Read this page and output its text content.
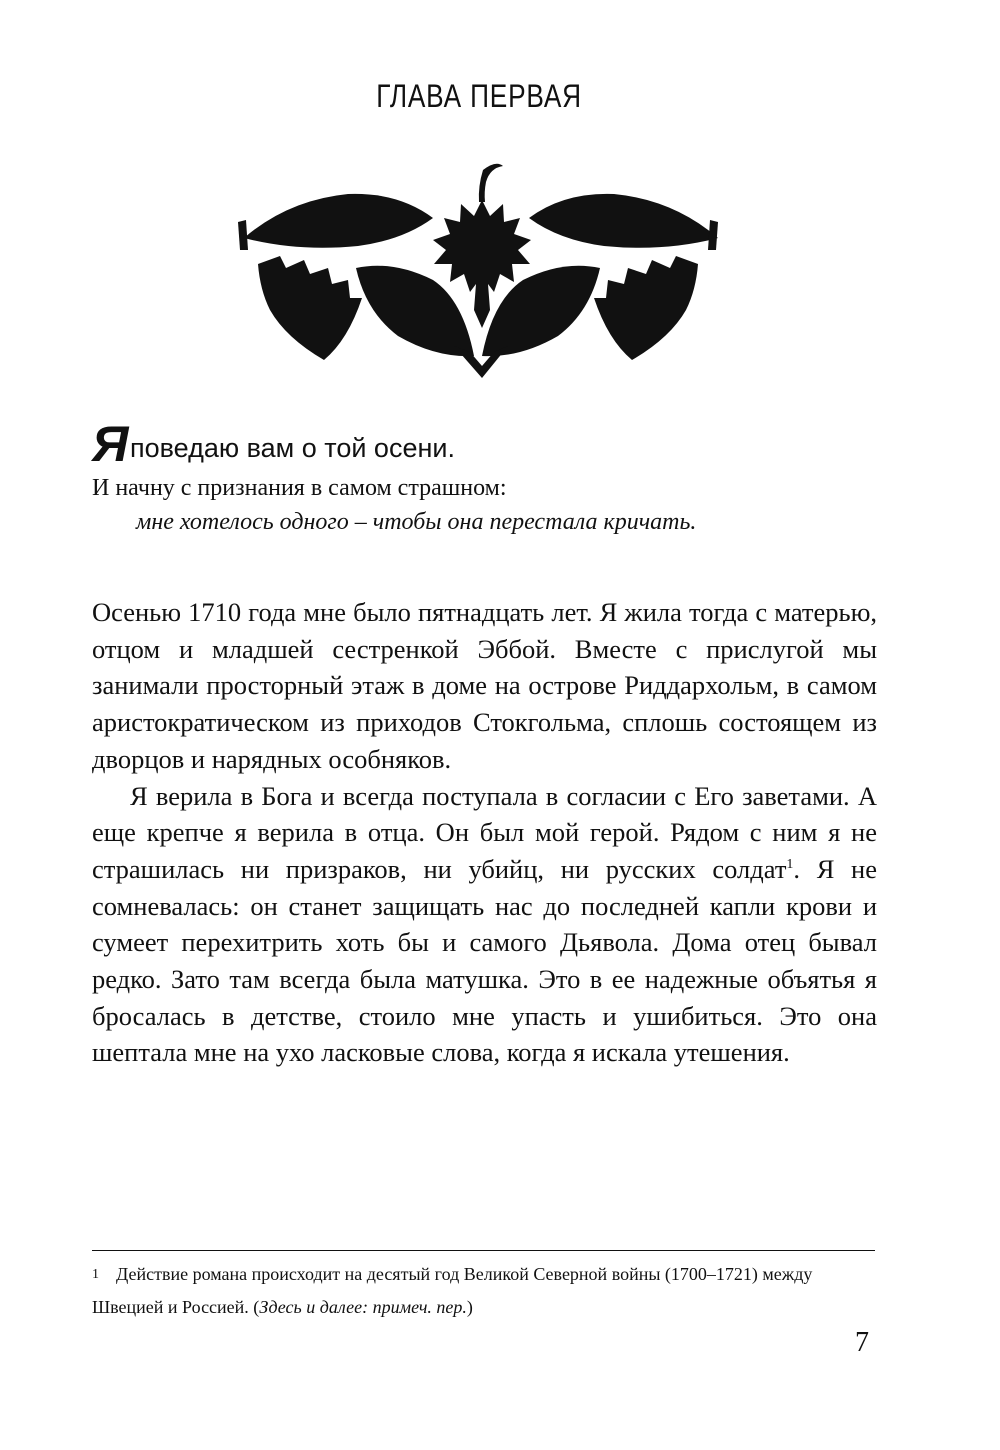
ГЛАВА ПЕРВАЯ
Я поведаю вам о той осени.
И начну с признания в самом страшном:
мне хотелось одного – чтобы она перестала кричать.

Осенью 1710 года мне было пятнадцать лет. Я жила тогда с матерью, отцом и младшей сестренкой Эббой. Вместе с прислугой мы занимали просторный этаж в доме на острове Риддархольм, в самом аристократическом из приходов Стокгольма, сплошь состоящем из дворцов и нарядных особняков.

Я верила в Бога и всегда поступала в согласии с Его заветами. А еще крепче я верила в отца. Он был мой герой. Рядом с ним я не страшилась ни призраков, ни убийц, ни русских солдат$^1$. Я не сомневалась: он станет защищать нас до последней капли крови и сумеет перехитрить хоть бы и самого Дьявола. Дома отец бывал редко. Зато там всегда была матушка. Это в ее надежные объятья я бросалась в детстве, стоило мне упасть и ушибиться. Это она шептала мне на ухо ласковые слова, когда я искала утешения.

1 Действие романа происходит на десятый год Великой Северной войны (1700–1721) между Швецией и Россией. (Здесь и далее: примеч. пер.)
7
